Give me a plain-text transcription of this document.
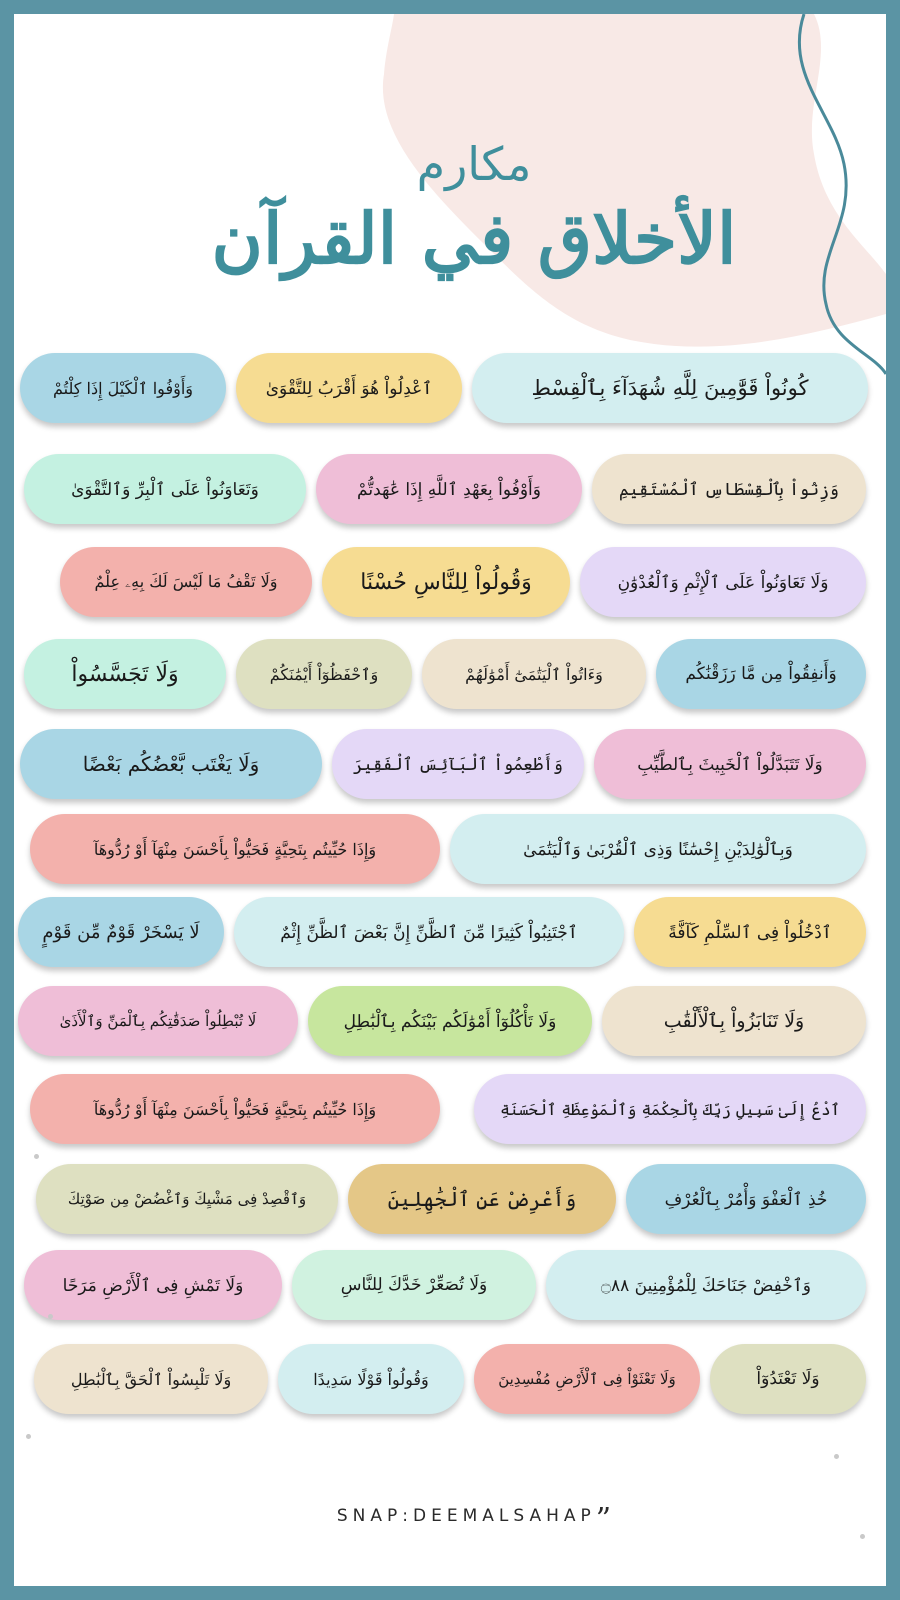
مكارم
الأخلاق في القرآن
كُونُواْ قَوَّٰمِينَ لِلَّهِ شُهَدَآءَ بِٱلْقِسْطِ
ٱعْدِلُواْ هُوَ أَقْرَبُ لِلتَّقْوَىٰ
وَأَوْفُوا ٱلْكَيْلَ إِذَا كِلْتُمْ
وَزِنُواْ بِٱلْقِسْطَاسِ ٱلْمُسْتَقِيمِ
وَأَوْفُواْ بِعَهْدِ ٱللَّهِ إِذَا عَٰهَدتُّمْ
وَتَعَاوَنُواْ عَلَى ٱلْبِرِّ وَٱلتَّقْوَىٰ
وَلَا تَعَاوَنُواْ عَلَى ٱلْإِثْمِ وَٱلْعُدْوَٰنِ
وَقُولُواْ لِلنَّاسِ حُسْنًا
وَلَا تَقْفُ مَا لَيْسَ لَكَ بِهِۦ عِلْمٌ
وَأَنفِقُواْ مِن مَّا رَزَقْنَٰكُم
وَءَاتُواْ ٱلْيَتَٰمَىٰٓ أَمْوَٰلَهُمْ
وَٱحْفَظُوٓاْ أَيْمَٰنَكُمْ
وَلَا تَجَسَّسُواْ
وَلَا تَتَبَدَّلُواْ ٱلْخَبِيثَ بِٱلطَّيِّبِ
وَأَطْعِمُواْ ٱلْبَآئِسَ ٱلْفَقِيرَ
وَلَا يَغْتَب بَّعْضُكُم بَعْضًا
وَبِٱلْوَٰلِدَيْنِ إِحْسَٰنًا وَذِى ٱلْقُرْبَىٰ وَٱلْيَتَٰمَىٰ
وَإِذَا حُيِّيتُم بِتَحِيَّةٍ فَحَيُّواْ بِأَحْسَنَ مِنْهَآ أَوْ رُدُّوهَآ
ٱدْخُلُواْ فِى ٱلسِّلْمِ كَآفَّةً
ٱجْتَنِبُواْ كَثِيرًا مِّنَ ٱلظَّنِّ إِنَّ بَعْضَ ٱلظَّنِّ إِثْمٌ
لَا يَسْخَرْ قَوْمٌ مِّن قَوْمٍ
وَلَا تَنَابَزُواْ بِٱلْأَلْقَٰبِ
وَلَا تَأْكُلُوٓاْ أَمْوَٰلَكُم بَيْنَكُم بِٱلْبَٰطِلِ
لَا تُبْطِلُواْ صَدَقَٰتِكُم بِٱلْمَنِّ وَٱلْأَذَىٰ
ٱدْعُ إِلَىٰ سَبِيلِ رَبِّكَ بِٱلْحِكْمَةِ وَٱلْمَوْعِظَةِ ٱلْحَسَنَةِ
وَإِذَا حُيِّيتُم بِتَحِيَّةٍ فَحَيُّواْ بِأَحْسَنَ مِنْهَآ أَوْ رُدُّوهَآ
خُذِ ٱلْعَفْوَ وَأْمُرْ بِٱلْعُرْفِ
وَأَعْرِضْ عَنِ ٱلْجَٰهِلِينَ
وَٱقْصِدْ فِى مَشْيِكَ وَٱغْضُضْ مِن صَوْتِكَ
وَٱخْفِضْ جَنَاحَكَ لِلْمُؤْمِنِينَ ۝٨٨
وَلَا تُصَعِّرْ خَدَّكَ لِلنَّاسِ
وَلَا تَمْشِ فِى ٱلْأَرْضِ مَرَحًا
وَلَا تَعْتَدُوٓاْ
وَلَا تَعْثَوْاْ فِى ٱلْأَرْضِ مُفْسِدِينَ
وَقُولُواْ قَوْلًا سَدِيدًا
وَلَا تَلْبِسُواْ ٱلْحَقَّ بِٱلْبَٰطِلِ
SNAP:DEEMALSAHAP”
